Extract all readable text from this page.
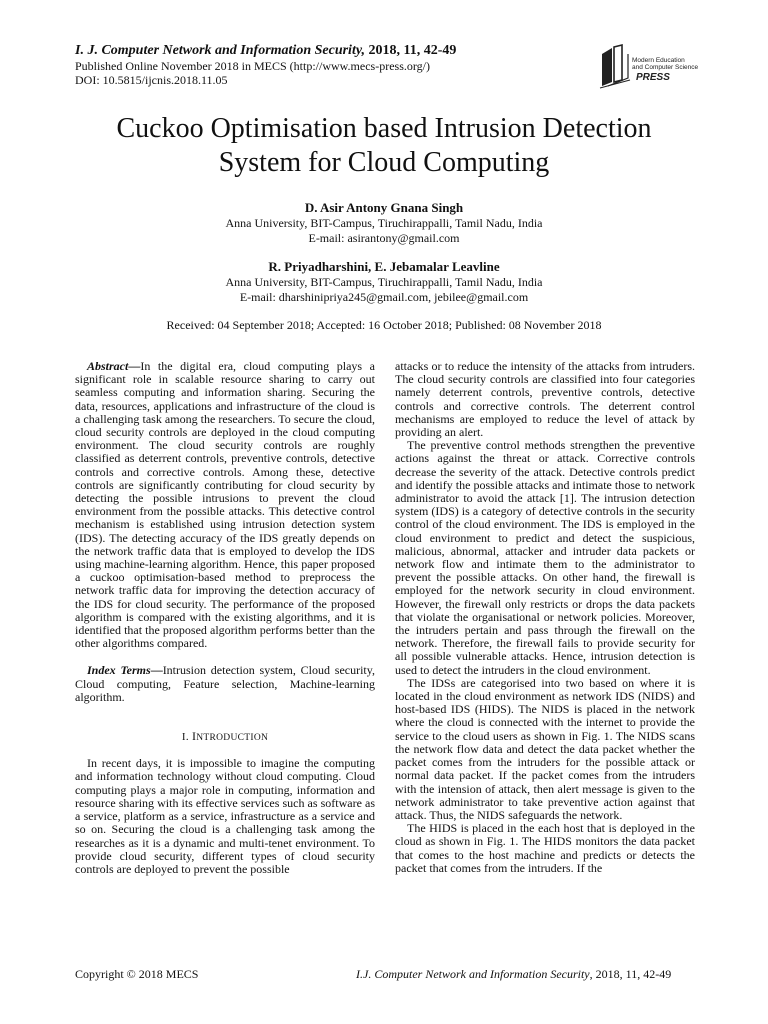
I. J. Computer Network and Information Security, 2018, 11, 42-49
Published Online November 2018 in MECS (http://www.mecs-press.org/)
DOI: 10.5815/ijcnis.2018.11.05
Modern Education
and Computer Science
PRESS
Cuckoo Optimisation based Intrusion Detection
System for Cloud Computing
D. Asir Antony Gnana Singh
Anna University, BIT-Campus, Tiruchirappalli, Tamil Nadu, India
E-mail: asirantony@gmail.com
R. Priyadharshini, E. Jebamalar Leavline
Anna University, BIT-Campus, Tiruchirappalli, Tamil Nadu, India
E-mail: dharshinipriya245@gmail.com, jebilee@gmail.com
Received: 04 September 2018; Accepted: 16 October 2018; Published: 08 November 2018

Abstract—In the digital era, cloud computing plays a significant role in scalable resource sharing to carry out seamless computing and information sharing. Securing the data, resources, applications and infrastructure of the cloud is a challenging task among the researchers. To secure the cloud, cloud security controls are deployed in the cloud computing environment. The cloud security controls are roughly classified as deterrent controls, preventive controls, detective controls and corrective controls. Among these, detective controls are significantly contributing for cloud security by detecting the possible intrusions to prevent the cloud environment from the possible attacks. This detective control mechanism is established using intrusion detection system (IDS). The detecting accuracy of the IDS greatly depends on the network traffic data that is employed to develop the IDS using machine-learning algorithm. Hence, this paper proposed a cuckoo optimisation-based method to preprocess the network traffic data for improving the detection accuracy of the IDS for cloud security. The performance of the proposed algorithm is compared with the existing algorithms, and it is identified that the proposed algorithm performs better than the other algorithms compared.

Index Terms—Intrusion detection system, Cloud security, Cloud computing, Feature selection, Machine-learning algorithm.

I. INTRODUCTION

In recent days, it is impossible to imagine the computing and information technology without cloud computing. Cloud computing plays a major role in computing, information and resource sharing with its effective services such as software as a service, platform as a service, infrastructure as a service and so on. Securing the cloud is a challenging task among the researches as it is a dynamic and multi-tenet environment. To provide cloud security, different types of cloud security controls are deployed to prevent the possible

attacks or to reduce the intensity of the attacks from intruders. The cloud security controls are classified into four categories namely deterrent controls, preventive controls, detective controls and corrective controls. The deterrent control mechanisms are employed to reduce the level of attack by providing an alert.

The preventive control methods strengthen the preventive actions against the threat or attack. Corrective controls decrease the severity of the attack. Detective controls predict and identify the possible attacks and intimate those to network administrator to avoid the attack [1]. The intrusion detection system (IDS) is a category of detective controls in the security control of the cloud environment. The IDS is employed in the cloud environment to predict and detect the suspicious, malicious, abnormal, attacker and intruder data packets or network flow and intimate them to the administrator to prevent the possible attacks. On other hand, the firewall is employed for the network security in cloud environment. However, the firewall only restricts or drops the data packets that violate the organisational or network policies. Moreover, the intruders pertain and pass through the firewall on the network. Therefore, the firewall fails to provide security for all possible vulnerable attacks. Hence, intrusion detection is used to detect the intruders in the cloud environment.

The IDSs are categorised into two based on where it is located in the cloud environment as network IDS (NIDS) and host-based IDS (HIDS). The NIDS is placed in the network where the cloud is connected with the internet to provide the service to the cloud users as shown in Fig. 1. The NIDS scans the network flow data and detect the data packet whether the packet comes from the intruders for the possible attack or normal data packet. If the packet comes from the intruders with the intension of attack, then alert message is given to the network administrator to take preventive action against that attack. Thus, the NIDS safeguards the network.

The HIDS is placed in the each host that is deployed in the cloud as shown in Fig. 1. The HIDS monitors the data packet that comes to the host machine and predicts or detects the packet that comes from the intruders. If the

Copyright © 2018 MECS	I.J. Computer Network and Information Security, 2018, 11, 42-49
